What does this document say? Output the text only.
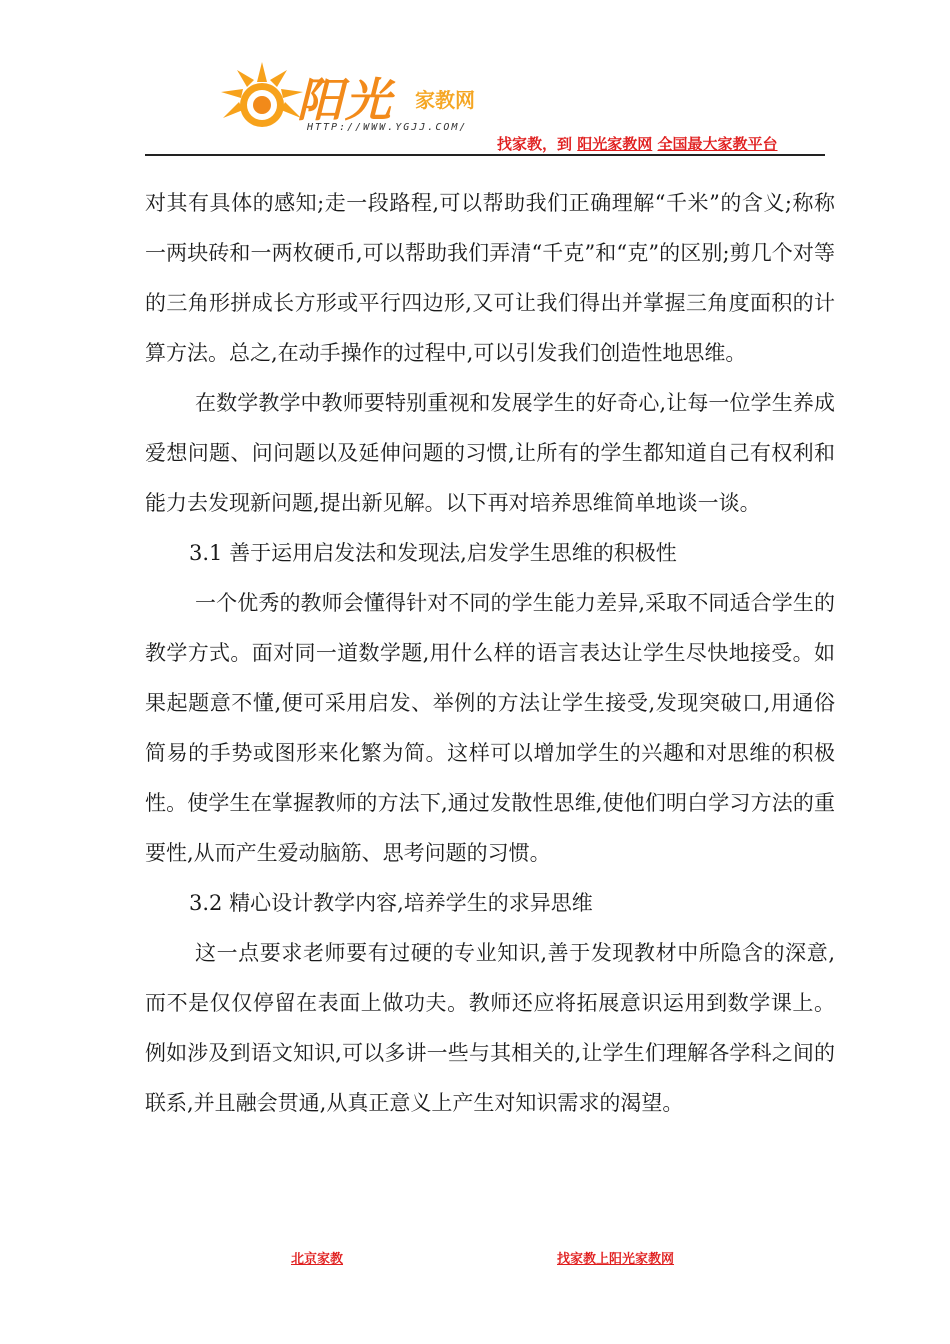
阳光 家教网
HTTP://WWW.YGJJ.COM/
找家教，到 阳光家教网 全国最大家教平台

对其有具体的感知;走一段路程,可以帮助我们正确理解“千米”的含义;称称一两块砖和一两枚硬币,可以帮助我们弄清“千克”和“克”的区别;剪几个对等的三角形拼成长方形或平行四边形,又可让我们得出并掌握三角度面积的计算方法。总之,在动手操作的过程中,可以引发我们创造性地思维。

在数学教学中教师要特别重视和发展学生的好奇心,让每一位学生养成爱想问题、问问题以及延伸问题的习惯,让所有的学生都知道自己有权利和能力去发现新问题,提出新见解。以下再对培养思维简单地谈一谈。

3.1 善于运用启发法和发现法,启发学生思维的积极性

一个优秀的教师会懂得针对不同的学生能力差异,采取不同适合学生的教学方式。面对同一道数学题,用什么样的语言表达让学生尽快地接受。如果起题意不懂,便可采用启发、举例的方法让学生接受,发现突破口,用通俗简易的手势或图形来化繁为简。这样可以增加学生的兴趣和对思维的积极性。使学生在掌握教师的方法下,通过发散性思维,使他们明白学习方法的重要性,从而产生爱动脑筋、思考问题的习惯。

3.2 精心设计教学内容,培养学生的求异思维

这一点要求老师要有过硬的专业知识,善于发现教材中所隐含的深意,而不是仅仅停留在表面上做功夫。教师还应将拓展意识运用到数学课上。例如涉及到语文知识,可以多讲一些与其相关的,让学生们理解各学科之间的联系,并且融会贯通,从真正意义上产生对知识需求的渴望。

北京家教	找家教上阳光家教网
